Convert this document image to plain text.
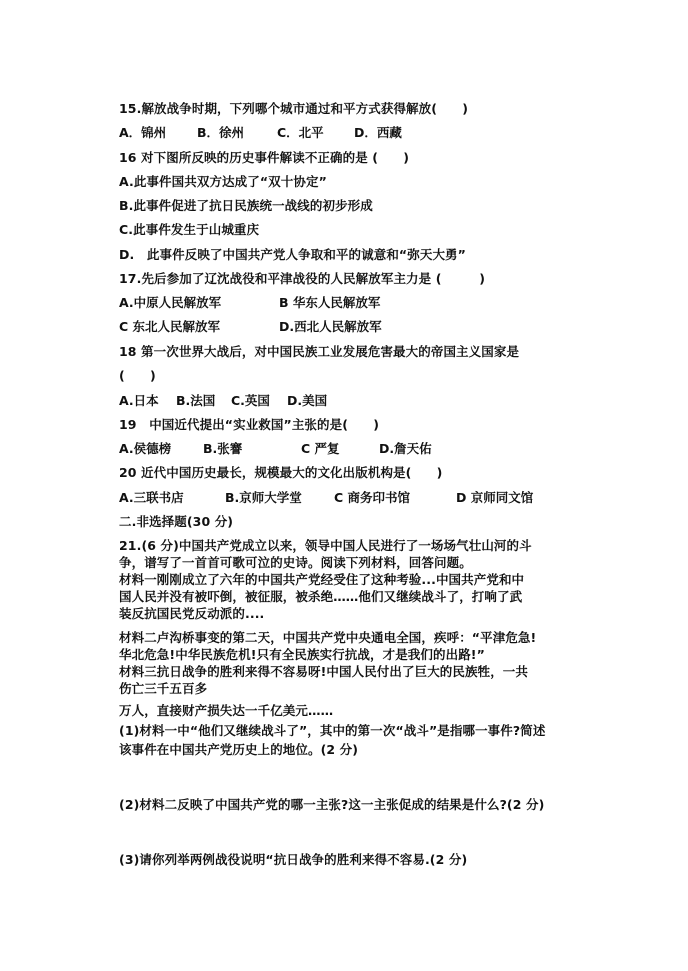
15.解放战争时期，下列哪个城市通过和平方式获得解放(　　)
A．锦州 B．徐州	C．北平 D．西藏
16 对下图所反映的历史事件解读不正确的是 (　　)
A.此事件国共双方达成了“双十协定”
B.此事件促进了抗日民族统一战线的初步形成
C.此事件发生于山城重庆
D.　此事件反映了中国共产党人争取和平的诚意和“弥天大勇”
17.先后参加了辽沈战役和平津战役的人民解放军主力是 (　　　)
A.中原人民解放军	B 华东人民解放军
C 东北人民解放军	D.西北人民解放军
18 第一次世界大战后，对中国民族工业发展危害最大的帝国主义国家是
(　　)
A.日本 B.法国 C.英国 D.美国
19　中国近代提出“实业救国”主张的是(　　)
A.侯德榜	B.张謇	C 严复	D.詹天佑
20 近代中国历史最长，规模最大的文化出版机构是(　　)
A.三联书店	B.京师大学堂	C 商务印书馆	D 京师同文馆
二.非选择题(30 分)
21.(6 分)中国共产党成立以来，领导中国人民进行了一场场气壮山河的斗
争，谱写了一首首可歌可泣的史诗。阅读下列材料，回答问题。
材料一刚刚成立了六年的中国共产党经受住了这种考验...中国共产党和中
国人民并没有被吓倒，被征服，被杀绝……他们又继续战斗了，打响了武
装反抗国民党反动派的....
材料二卢沟桥事变的第二天，中国共产党中央通电全国，疾呼：“平津危急!
华北危急!中华民族危机!只有全民族实行抗战，才是我们的出路!”
材料三抗日战争的胜利来得不容易呀!中国人民付出了巨大的民族牲，一共
伤亡三千五百多
万人，直接财产损失达一千亿美元……
(1)材料一中“他们又继续战斗了”，其中的第一次“战斗”是指哪一事件?简述
该事件在中国共产党历史上的地位。(2 分)
(2)材料二反映了中国共产党的哪一主张?这一主张促成的结果是什么?(2 分)
(3)请你列举两例战役说明“抗日战争的胜利来得不容易.(2 分)
